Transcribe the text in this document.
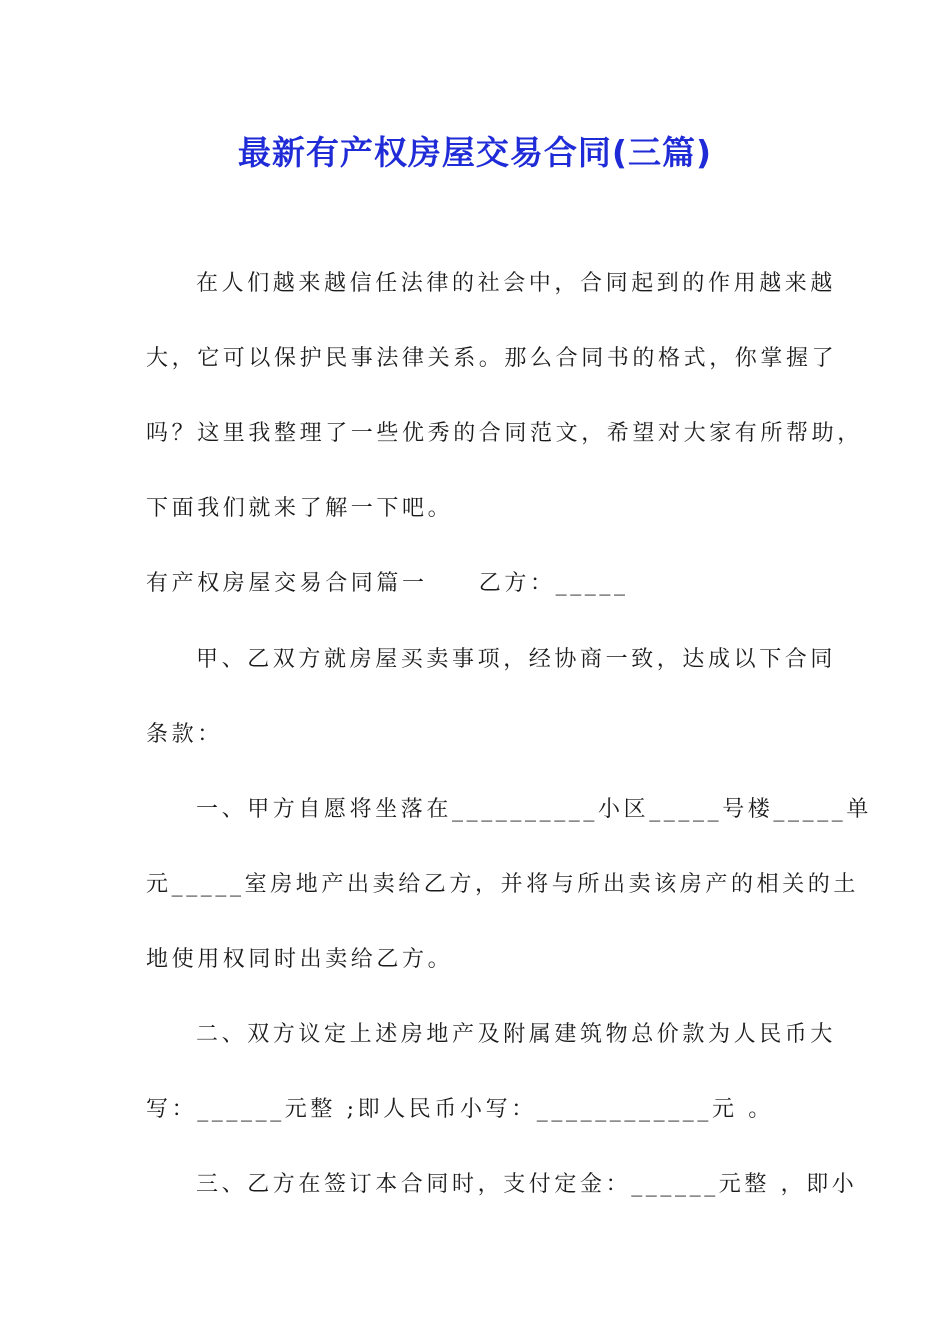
最新有产权房屋交易合同(三篇)
在人们越来越信任法律的社会中，合同起到的作用越来越
大，它可以保护民事法律关系。那么合同书的格式，你掌握了
吗？这里我整理了一些优秀的合同范文，希望对大家有所帮助，
下面我们就来了解一下吧。
有产权房屋交易合同篇一　　乙方：_____
甲、乙双方就房屋买卖事项，经协商一致，达成以下合同
条款：
一、甲方自愿将坐落在__________小区_____号楼_____单
元_____室房地产出卖给乙方，并将与所出卖该房产的相关的土
地使用权同时出卖给乙方。
二、双方议定上述房地产及附属建筑物总价款为人民币大
写：______元整 ;即人民币小写：____________元 。
三、乙方在签订本合同时，支付定金：______元整 ，即小
